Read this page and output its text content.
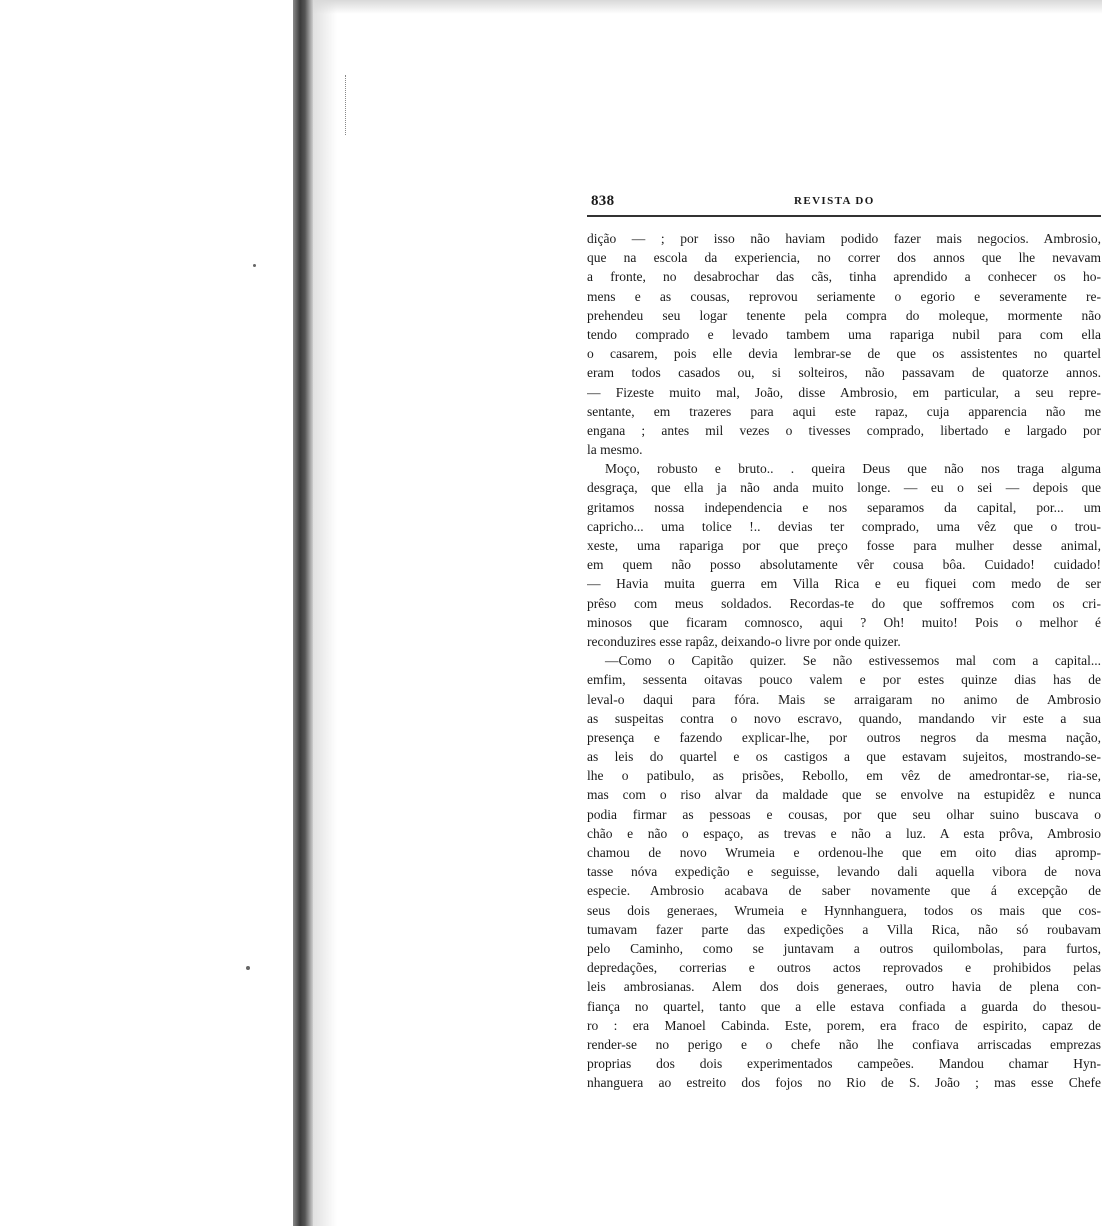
838	REVISTA DO
dição — ; por isso não haviam podido fazer mais negocios. Ambrosio,
que na escola da experiencia, no correr dos annos que lhe nevavam
a fronte, no desabrochar das cãs, tinha aprendido a conhecer os ho-
mens e as cousas, reprovou seriamente o egorio e severamente re-
prehendeu seu logar tenente pela compra do moleque, mormente não
tendo comprado e levado tambem uma rapariga nubil para com ella
o casarem, pois elle devia lembrar-se de que os assistentes no quartel
eram todos casados ou, si solteiros, não passavam de quatorze annos.
— Fizeste muito mal, João, disse Ambrosio, em particular, a seu repre-
sentante, em trazeres para aqui este rapaz, cuja apparencia não me
engana ; antes mil vezes o tivesses comprado, libertado e largado por
la mesmo.
Moço, robusto e bruto.. . queira Deus que não nos traga alguma
desgraça, que ella ja não anda muito longe. — eu o sei — depois que
gritamos nossa independencia e nos separamos da capital, por... um
capricho... uma tolice !.. devias ter comprado, uma vêz que o trou-
xeste, uma rapariga por que preço fosse para mulher desse animal,
em quem não posso absolutamente vêr cousa bôa. Cuidado! cuidado!
— Havia muita guerra em Villa Rica e eu fiquei com medo de ser
prêso com meus soldados. Recordas-te do que soffremos com os cri-
minosos que ficaram comnosco, aqui ? Oh! muito! Pois o melhor é
reconduzires esse rapâz, deixando-o livre por onde quizer.
—Como o Capitão quizer. Se não estivessemos mal com a capital...
emfim, sessenta oitavas pouco valem e por estes quinze dias has de
leval-o daqui para fóra. Mais se arraigaram no animo de Ambrosio
as suspeitas contra o novo escravo, quando, mandando vir este a sua
presença e fazendo explicar-lhe, por outros negros da mesma nação,
as leis do quartel e os castigos a que estavam sujeitos, mostrando-se-
lhe o patibulo, as prisões, Rebollo, em vêz de amedrontar-se, ria-se,
mas com o riso alvar da maldade que se envolve na estupidêz e nunca
podia firmar as pessoas e cousas, por que seu olhar suino buscava o
chão e não o espaço, as trevas e não a luz. A esta prôva, Ambrosio
chamou de novo Wrumeia e ordenou-lhe que em oito dias apromp-
tasse nóva expedição e seguisse, levando dali aquella vibora de nova
especie. Ambrosio acabava de saber novamente que á excepção de
seus dois generaes, Wrumeia e Hynnhanguera, todos os mais que cos-
tumavam fazer parte das expedições a Villa Rica, não só roubavam
pelo Caminho, como se juntavam a outros quilombolas, para furtos,
depredações, correrias e outros actos reprovados e prohibidos pelas
leis ambrosianas. Alem dos dois generaes, outro havia de plena con-
fiança no quartel, tanto que a elle estava confiada a guarda do thesou-
ro : era Manoel Cabinda. Este, porem, era fraco de espirito, capaz de
render-se no perigo e o chefe não lhe confiava arriscadas emprezas
proprias dos dois experimentados campeões. Mandou chamar Hyn-
nhanguera ao estreito dos fojos no Rio de S. João ; mas esse Chefe
